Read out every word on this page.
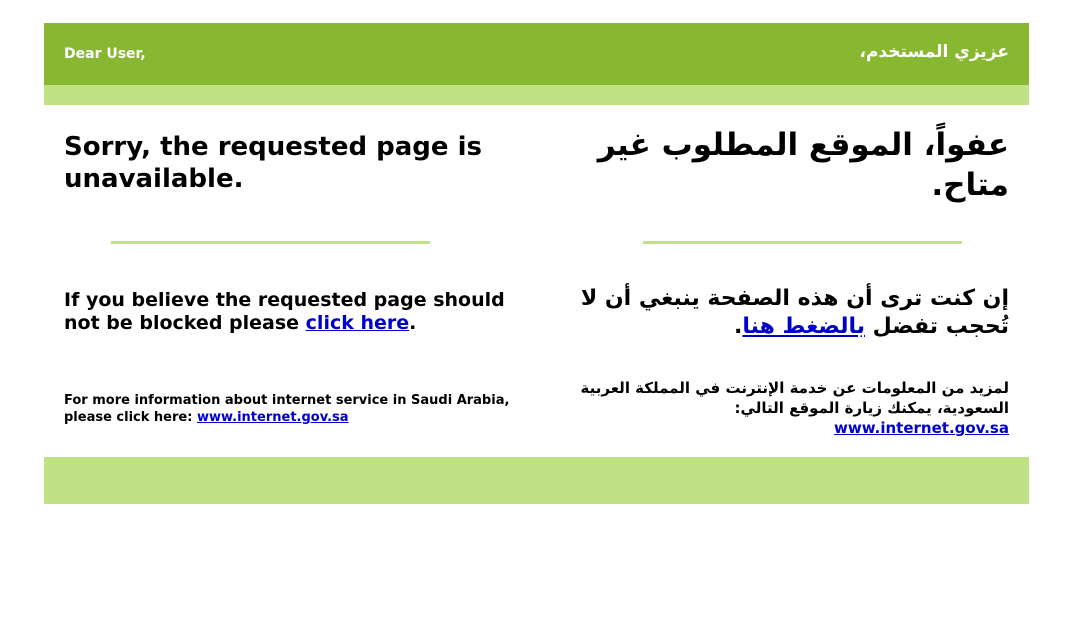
Dear User,	عزيزي المستخدم،
Sorry, the requested page is unavailable.
If you believe the requested page should not be blocked please click here.
For more information about internet service in Saudi Arabia, please click here: www.internet.gov.sa
عفواً، الموقع المطلوب غير متاح.
إن كنت ترى أن هذه الصفحة ينبغي أن لا تُحجب تفضل بالضغط هنا.
لمزيد من المعلومات عن خدمة الإنترنت في المملكة العربية السعودية، يمكنك زيارة الموقع التالي:
www.internet.gov.sa
